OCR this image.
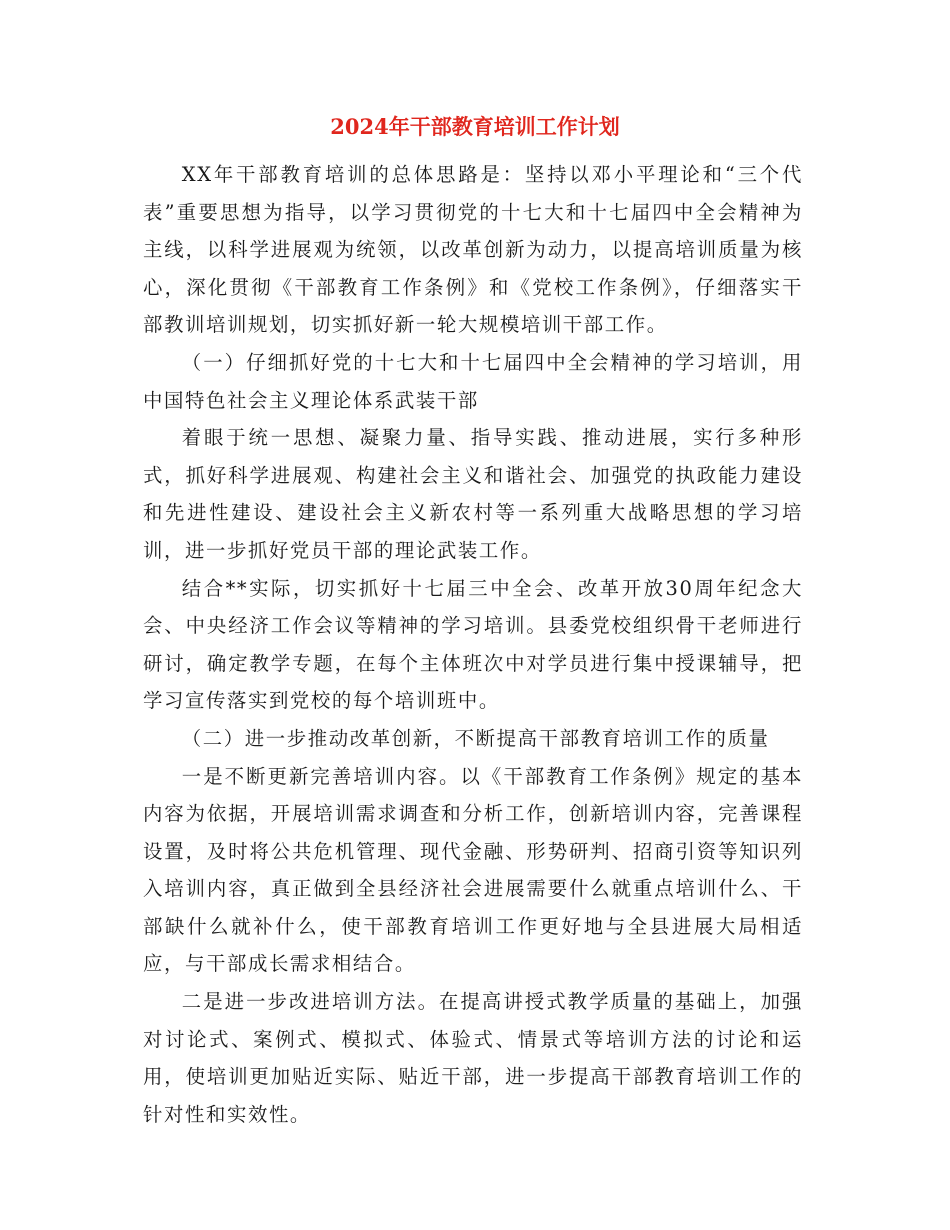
2024年干部教育培训工作计划

XX年干部教育培训的总体思路是：坚持以邓小平理论和“三个代表”重要思想为指导，以学习贯彻党的十七大和十七届四中全会精神为主线，以科学进展观为统领，以改革创新为动力，以提高培训质量为核心，深化贯彻《干部教育工作条例》和《党校工作条例》，仔细落实干部教训培训规划，切实抓好新一轮大规模培训干部工作。

（一）仔细抓好党的十七大和十七届四中全会精神的学习培训，用中国特色社会主义理论体系武装干部

着眼于统一思想、凝聚力量、指导实践、推动进展，实行多种形式，抓好科学进展观、构建社会主义和谐社会、加强党的执政能力建设和先进性建设、建设社会主义新农村等一系列重大战略思想的学习培训，进一步抓好党员干部的理论武装工作。

结合**实际，切实抓好十七届三中全会、改革开放30周年纪念大会、中央经济工作会议等精神的学习培训。县委党校组织骨干老师进行研讨，确定教学专题，在每个主体班次中对学员进行集中授课辅导，把学习宣传落实到党校的每个培训班中。

（二）进一步推动改革创新，不断提高干部教育培训工作的质量

一是不断更新完善培训内容。以《干部教育工作条例》规定的基本内容为依据，开展培训需求调查和分析工作，创新培训内容，完善课程设置，及时将公共危机管理、现代金融、形势研判、招商引资等知识列入培训内容，真正做到全县经济社会进展需要什么就重点培训什么、干部缺什么就补什么，使干部教育培训工作更好地与全县进展大局相适应，与干部成长需求相结合。

二是进一步改进培训方法。在提高讲授式教学质量的基础上，加强对讨论式、案例式、模拟式、体验式、情景式等培训方法的讨论和运用，使培训更加贴近实际、贴近干部，进一步提高干部教育培训工作的针对性和实效性。
